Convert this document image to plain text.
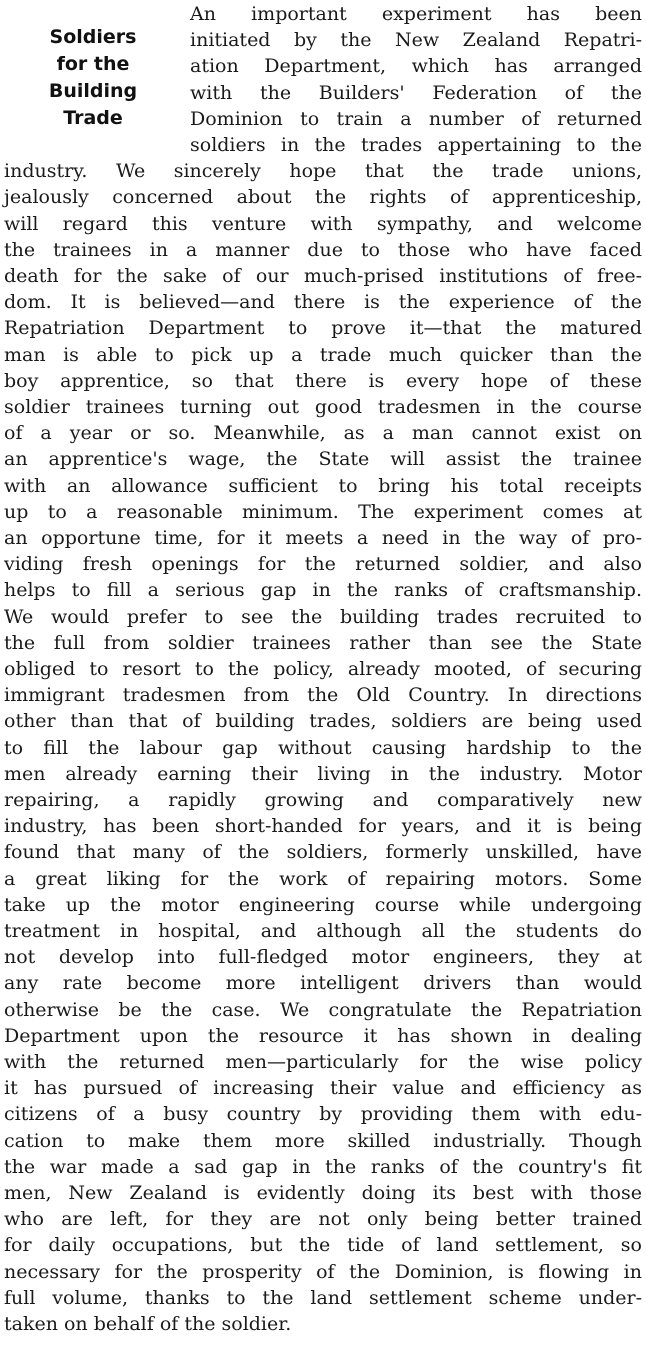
Soldiers
for the
Building
Trade
An important experiment has been
initiated by the New Zealand Repatri-
ation Department, which has arranged
with the Builders' Federation of the
Dominion to train a number of returned
soldiers in the trades appertaining to the
industry. We sincerely hope that the trade unions,
jealously concerned about the rights of apprenticeship,
will regard this venture with sympathy, and welcome
the trainees in a manner due to those who have faced
death for the sake of our much-prised institutions of free-
dom. It is believed—and there is the experience of the
Repatriation Department to prove it—that the matured
man is able to pick up a trade much quicker than the
boy apprentice, so that there is every hope of these
soldier trainees turning out good tradesmen in the course
of a year or so. Meanwhile, as a man cannot exist on
an apprentice's wage, the State will assist the trainee
with an allowance sufficient to bring his total receipts
up to a reasonable minimum. The experiment comes at
an opportune time, for it meets a need in the way of pro-
viding fresh openings for the returned soldier, and also
helps to fill a serious gap in the ranks of craftsmanship.
We would prefer to see the building trades recruited to
the full from soldier trainees rather than see the State
obliged to resort to the policy, already mooted, of securing
immigrant tradesmen from the Old Country. In directions
other than that of building trades, soldiers are being used
to fill the labour gap without causing hardship to the
men already earning their living in the industry. Motor
repairing, a rapidly growing and comparatively new
industry, has been short-handed for years, and it is being
found that many of the soldiers, formerly unskilled, have
a great liking for the work of repairing motors. Some
take up the motor engineering course while undergoing
treatment in hospital, and although all the students do
not develop into full-fledged motor engineers, they at
any rate become more intelligent drivers than would
otherwise be the case. We congratulate the Repatriation
Department upon the resource it has shown in dealing
with the returned men—particularly for the wise policy
it has pursued of increasing their value and efficiency as
citizens of a busy country by providing them with edu-
cation to make them more skilled industrially. Though
the war made a sad gap in the ranks of the country's fit
men, New Zealand is evidently doing its best with those
who are left, for they are not only being better trained
for daily occupations, but the tide of land settlement, so
necessary for the prosperity of the Dominion, is flowing in
full volume, thanks to the land settlement scheme under-
taken on behalf of the soldier.
